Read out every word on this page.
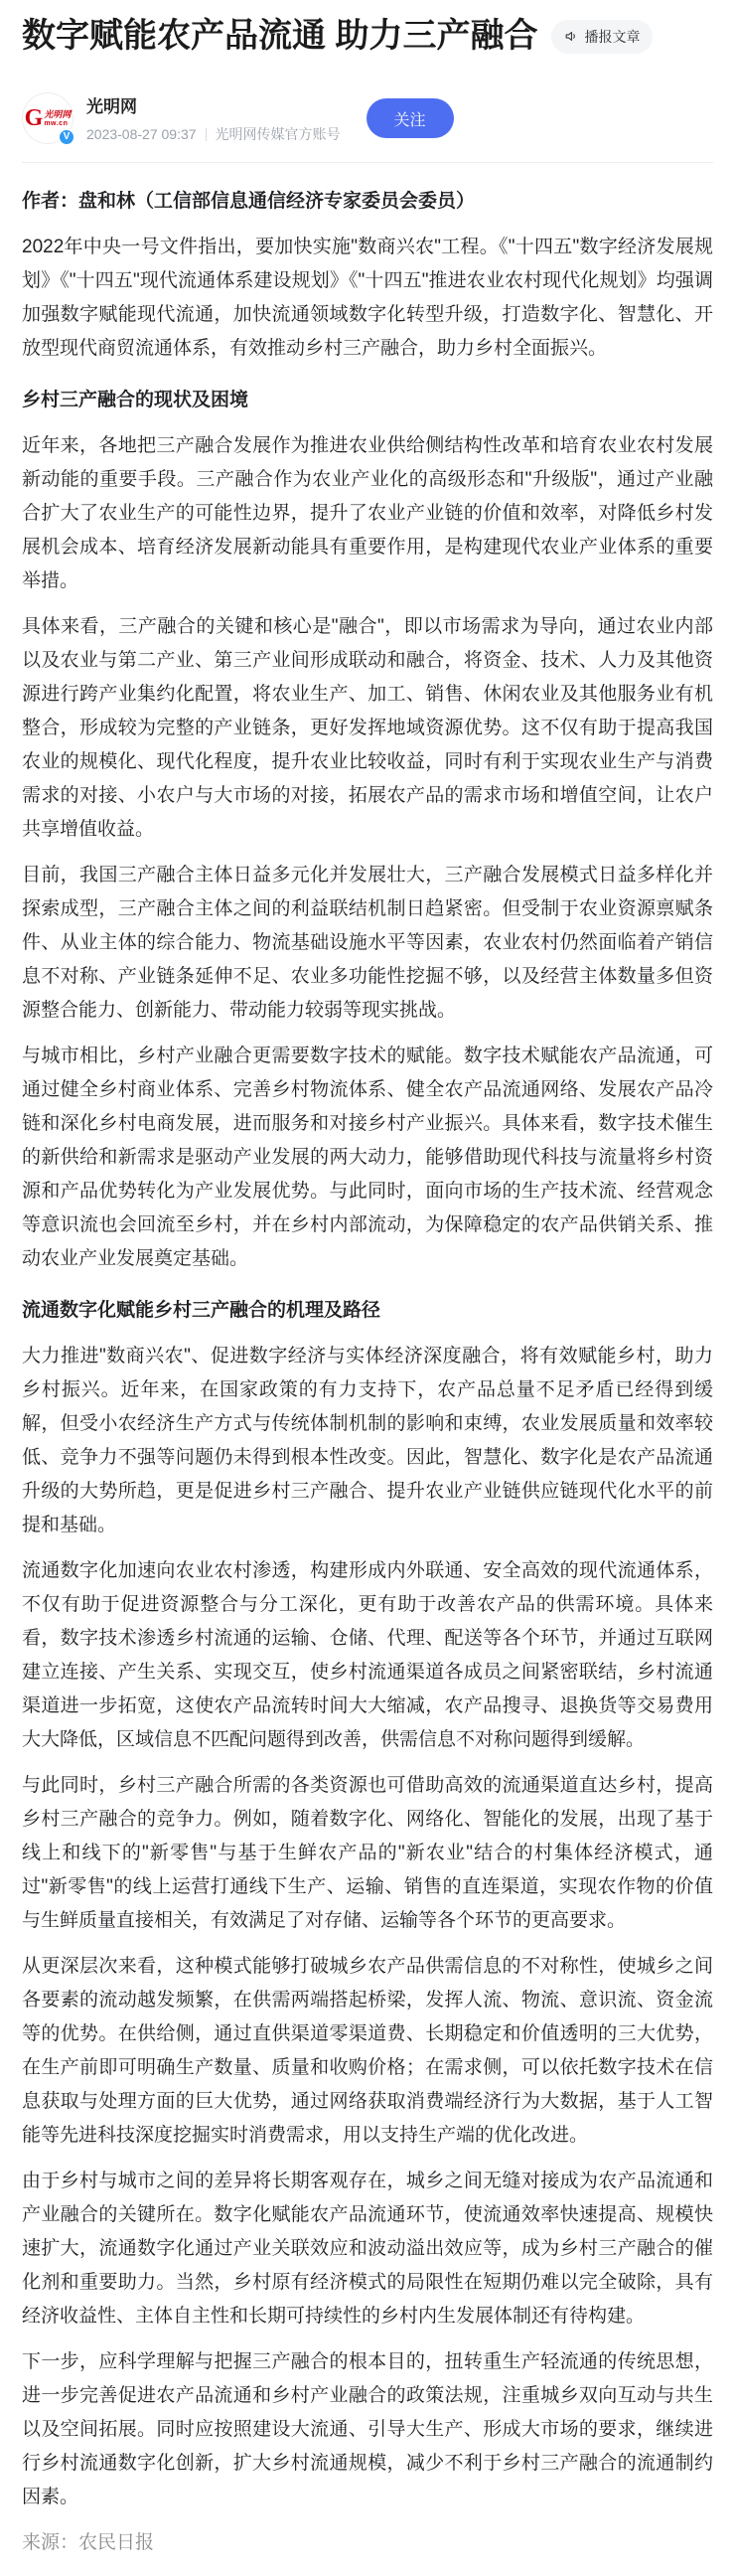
数字赋能农产品流通 助力三产融合	播报文章
G 光明网
mw.cn
V
光明网
2023-08-27 09:37 光明网传媒官方账号
关注

作者：盘和林（工信部信息通信经济专家委员会委员）

2022年中央一号文件指出，要加快实施"数商兴农"工程。《"十四五"数字经济发展规划》《"十四五"现代流通体系建设规划》《"十四五"推进农业农村现代化规划》均强调加强数字赋能现代流通，加快流通领域数字化转型升级，打造数字化、智慧化、开放型现代商贸流通体系，有效推动乡村三产融合，助力乡村全面振兴。

乡村三产融合的现状及困境

近年来，各地把三产融合发展作为推进农业供给侧结构性改革和培育农业农村发展新动能的重要手段。三产融合作为农业产业化的高级形态和"升级版"，通过产业融合扩大了农业生产的可能性边界，提升了农业产业链的价值和效率，对降低乡村发展机会成本、培育经济发展新动能具有重要作用，是构建现代农业产业体系的重要举措。

具体来看，三产融合的关键和核心是"融合"，即以市场需求为导向，通过农业内部以及农业与第二产业、第三产业间形成联动和融合，将资金、技术、人力及其他资源进行跨产业集约化配置，将农业生产、加工、销售、休闲农业及其他服务业有机整合，形成较为完整的产业链条，更好发挥地域资源优势。这不仅有助于提高我国农业的规模化、现代化程度，提升农业比较收益，同时有利于实现农业生产与消费需求的对接、小农户与大市场的对接，拓展农产品的需求市场和增值空间，让农户共享增值收益。

目前，我国三产融合主体日益多元化并发展壮大，三产融合发展模式日益多样化并探索成型，三产融合主体之间的利益联结机制日趋紧密。但受制于农业资源禀赋条件、从业主体的综合能力、物流基础设施水平等因素，农业农村仍然面临着产销信息不对称、产业链条延伸不足、农业多功能性挖掘不够，以及经营主体数量多但资源整合能力、创新能力、带动能力较弱等现实挑战。

与城市相比，乡村产业融合更需要数字技术的赋能。数字技术赋能农产品流通，可通过健全乡村商业体系、完善乡村物流体系、健全农产品流通网络、发展农产品冷链和深化乡村电商发展，进而服务和对接乡村产业振兴。具体来看，数字技术催生的新供给和新需求是驱动产业发展的两大动力，能够借助现代科技与流量将乡村资源和产品优势转化为产业发展优势。与此同时，面向市场的生产技术流、经营观念等意识流也会回流至乡村，并在乡村内部流动，为保障稳定的农产品供销关系、推动农业产业发展奠定基础。

流通数字化赋能乡村三产融合的机理及路径

大力推进"数商兴农"、促进数字经济与实体经济深度融合，将有效赋能乡村，助力乡村振兴。近年来，在国家政策的有力支持下，农产品总量不足矛盾已经得到缓解，但受小农经济生产方式与传统体制机制的影响和束缚，农业发展质量和效率较低、竞争力不强等问题仍未得到根本性改变。因此，智慧化、数字化是农产品流通升级的大势所趋，更是促进乡村三产融合、提升农业产业链供应链现代化水平的前提和基础。

流通数字化加速向农业农村渗透，构建形成内外联通、安全高效的现代流通体系，不仅有助于促进资源整合与分工深化，更有助于改善农产品的供需环境。具体来看，数字技术渗透乡村流通的运输、仓储、代理、配送等各个环节，并通过互联网建立连接、产生关系、实现交互，使乡村流通渠道各成员之间紧密联结，乡村流通渠道进一步拓宽，这使农产品流转时间大大缩减，农产品搜寻、退换货等交易费用大大降低，区域信息不匹配问题得到改善，供需信息不对称问题得到缓解。

与此同时，乡村三产融合所需的各类资源也可借助高效的流通渠道直达乡村，提高乡村三产融合的竞争力。例如，随着数字化、网络化、智能化的发展，出现了基于线上和线下的"新零售"与基于生鲜农产品的"新农业"结合的村集体经济模式，通过"新零售"的线上运营打通线下生产、运输、销售的直连渠道，实现农作物的价值与生鲜质量直接相关，有效满足了对存储、运输等各个环节的更高要求。

从更深层次来看，这种模式能够打破城乡农产品供需信息的不对称性，使城乡之间各要素的流动越发频繁，在供需两端搭起桥梁，发挥人流、物流、意识流、资金流等的优势。在供给侧，通过直供渠道零渠道费、长期稳定和价值透明的三大优势，在生产前即可明确生产数量、质量和收购价格；在需求侧，可以依托数字技术在信息获取与处理方面的巨大优势，通过网络获取消费端经济行为大数据，基于人工智能等先进科技深度挖掘实时消费需求，用以支持生产端的优化改进。

由于乡村与城市之间的差异将长期客观存在，城乡之间无缝对接成为农产品流通和产业融合的关键所在。数字化赋能农产品流通环节，使流通效率快速提高、规模快速扩大，流通数字化通过产业关联效应和波动溢出效应等，成为乡村三产融合的催化剂和重要助力。当然，乡村原有经济模式的局限性在短期仍难以完全破除，具有经济收益性、主体自主性和长期可持续性的乡村内生发展体制还有待构建。

下一步，应科学理解与把握三产融合的根本目的，扭转重生产轻流通的传统思想，进一步完善促进农产品流通和乡村产业融合的政策法规，注重城乡双向互动与共生以及空间拓展。同时应按照建设大流通、引导大生产、形成大市场的要求，继续进行乡村流通数字化创新，扩大乡村流通规模，减少不利于乡村三产融合的流通制约因素。

来源：农民日报
